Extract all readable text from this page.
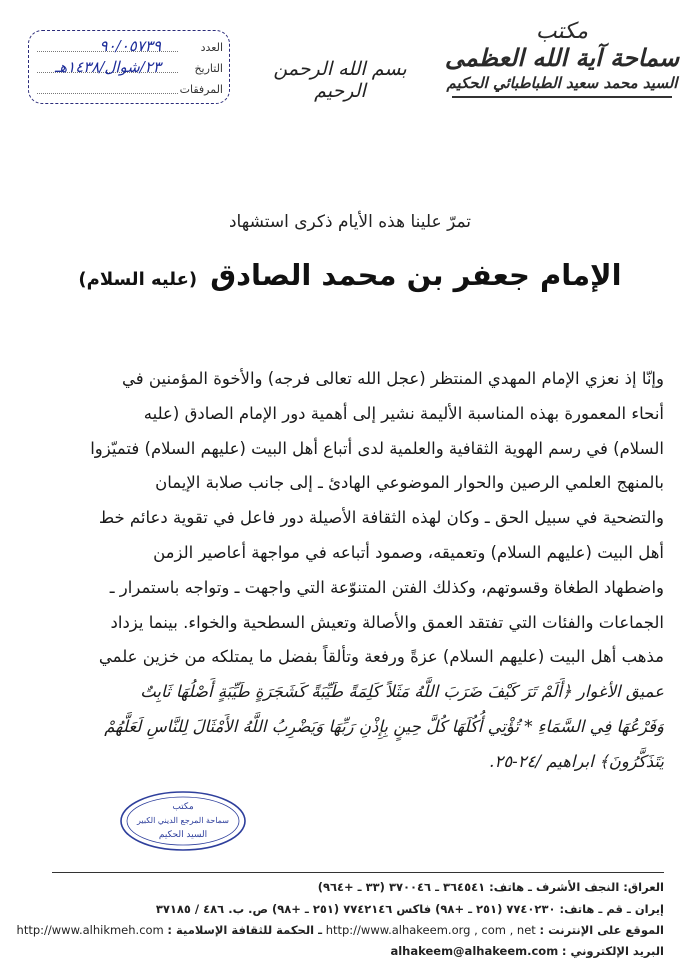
مكتب
سماحة آية الله العظمى
السيد محمد سعيد الطباطبائي الحكيم
بسم الله الرحمن الرحيم
العدد
٩٠/٠٥٧٣٩
التاريخ
٢٣/شوال/١٤٣٨هـ
المرفقات
تمرّ علينا هذه الأيام ذكرى استشهاد
الإمام جعفر بن محمد الصادق (عليه السلام)
وإنّا إذ نعزي الإمام المهدي المنتظر (عجل الله تعالى فرجه) والأخوة المؤمنين في
أنحاء المعمورة بهذه المناسبة الأليمة نشير إلى أهمية دور الإمام الصادق (عليه
السلام) في رسم الهوية الثقافية والعلمية لدى أتباع أهل البيت (عليهم السلام) فتميّزوا
بالمنهج العلمي الرصين والحوار الموضوعي الهادئ ـ إلى جانب صلابة الإيمان
والتضحية في سبيل الحق ـ وكان لهذه الثقافة الأصيلة دور فاعل في تقوية دعائم خط
أهل البيت (عليهم السلام) وتعميقه، وصمود أتباعه في مواجهة أعاصير الزمن
واضطهاد الطغاة وقسوتهم، وكذلك الفتن المتنوّعة التي واجهت ـ وتواجه باستمرار ـ
الجماعات والفئات التي تفتقد العمق والأصالة وتعيش السطحية والخواء. بينما يزداد
مذهب أهل البيت (عليهم السلام) عزةً ورفعة وتألقاً بفضل ما يمتلكه من خزين علمي
عميق الأغوار ﴿أَلَمْ تَرَ كَيْفَ ضَرَبَ اللَّهُ مَثَلاً كَلِمَةً طَيِّبَةً كَشَجَرَةٍ طَيِّبَةٍ أَصْلُهَا ثَابِتٌ
وَفَرْعُهَا فِي السَّمَاءِ * تُؤْتِي أُكُلَهَا كُلَّ حِينٍ بِإِذْنِ رَبِّهَا وَيَضْرِبُ اللَّهُ الأَمْثَالَ لِلنَّاسِ لَعَلَّهُمْ
يَتَذَكَّرُونَ﴾ ابراهيم /٢٤-٢٥.
مكتب
سماحة المرجع الديني الكبير
السيد الحكيم
العراق: النجف الأشرف ـ هاتف: ٣٦٤٥٤١ ـ ٣٧٠٠٤٦ (٣٣ ـ +٩٦٤)
إيران ـ قم ـ هاتف: ٧٧٤٠٢٣٠ (٢٥١ ـ +٩٨) فاكس ٧٧٤٢١٤٦ (٢٥١ ـ +٩٨) ص. ب. ٤٨٦ / ٣٧١٨٥
الموقع على الإنترنت : http://www.alhakeem.org , com , net ـ الحكمة للثقافة الإسلامية : http://www.alhikmeh.com
البريد الإلكتروني : alhakeem@alhakeem.com
